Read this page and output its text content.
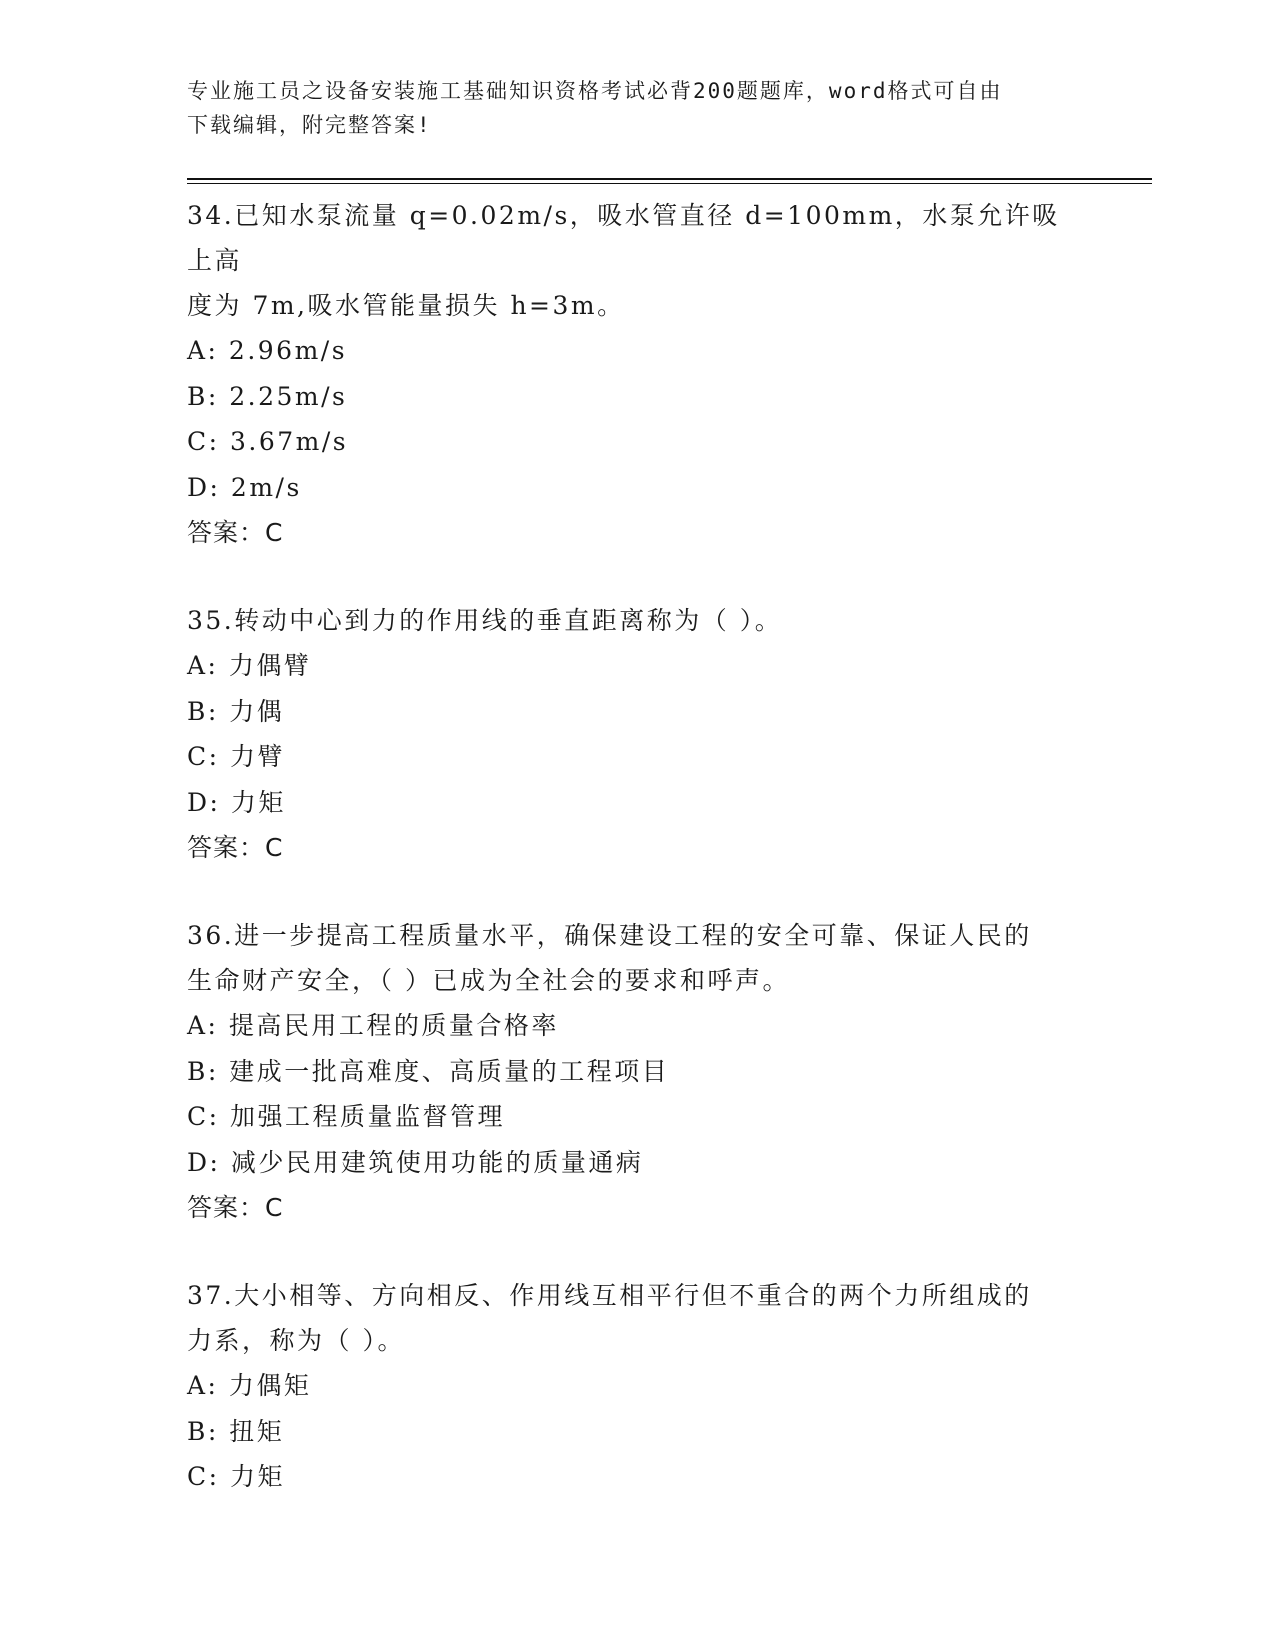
专业施工员之设备安装施工基础知识资格考试必背200题题库，word格式可自由
下载编辑，附完整答案!
34.已知水泵流量 q=0.02m/s，吸水管直径 d=100mm，水泵允许吸上高
度为 7m,吸水管能量损失 h=3m。
A: 2.96m/s
B: 2.25m/s
C: 3.67m/s
D: 2m/s
答案：C
35.转动中心到力的作用线的垂直距离称为（ ）。
A: 力偶臂
B: 力偶
C: 力臂
D: 力矩
答案：C
36.进一步提高工程质量水平，确保建设工程的安全可靠、保证人民的
生命财产安全，（ ）已成为全社会的要求和呼声。
A: 提高民用工程的质量合格率
B: 建成一批高难度、高质量的工程项目
C: 加强工程质量监督管理
D: 减少民用建筑使用功能的质量通病
答案：C
37.大小相等、方向相反、作用线互相平行但不重合的两个力所组成的
力系，称为（ ）。
A: 力偶矩
B: 扭矩
C: 力矩
